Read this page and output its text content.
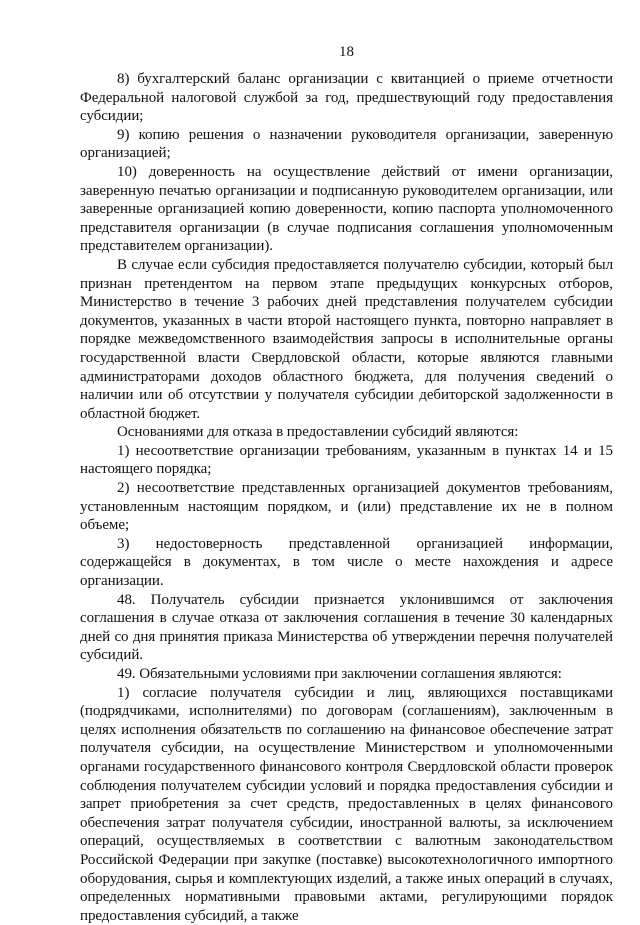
18

8) бухгалтерский баланс организации с квитанцией о приеме отчетности Федеральной налоговой службой за год, предшествующий году предоставления субсидии;

9) копию решения о назначении руководителя организации, заверенную организацией;

10) доверенность на осуществление действий от имени организации, заверенную печатью организации и подписанную руководителем организации, или заверенные организацией копию доверенности, копию паспорта уполномоченного представителя организации (в случае подписания соглашения уполномоченным представителем организации).

В случае если субсидия предоставляется получателю субсидии, который был признан претендентом на первом этапе предыдущих конкурсных отборов, Министерство в течение 3 рабочих дней представления получателем субсидии документов, указанных в части второй настоящего пункта, повторно направляет в порядке межведомственного взаимодействия запросы в исполнительные органы государственной власти Свердловской области, которые являются главными администраторами доходов областного бюджета, для получения сведений о наличии или об отсутствии у получателя субсидии дебиторской задолженности в областной бюджет.

Основаниями для отказа в предоставлении субсидий являются:

1) несоответствие организации требованиям, указанным в пунктах 14 и 15 настоящего порядка;

2) несоответствие представленных организацией документов требованиям, установленным настоящим порядком, и (или) представление их не в полном объеме;

3) недостоверность представленной организацией информации, содержащейся в документах, в том числе о месте нахождения и адресе организации.

48. Получатель субсидии признается уклонившимся от заключения соглашения в случае отказа от заключения соглашения в течение 30 календарных дней со дня принятия приказа Министерства об утверждении перечня получателей субсидий.

49. Обязательными условиями при заключении соглашения являются:

1) согласие получателя субсидии и лиц, являющихся поставщиками (подрядчиками, исполнителями) по договорам (соглашениям), заключенным в целях исполнения обязательств по соглашению на финансовое обеспечение затрат получателя субсидии, на осуществление Министерством и уполномоченными органами государственного финансового контроля Свердловской области проверок соблюдения получателем субсидии условий и порядка предоставления субсидии и запрет приобретения за счет средств, предоставленных в целях финансового обеспечения затрат получателя субсидии, иностранной валюты, за исключением операций, осуществляемых в соответствии с валютным законодательством Российской Федерации при закупке (поставке) высокотехнологичного импортного оборудования, сырья и комплектующих изделий, а также иных операций в случаях, определенных нормативными правовыми актами, регулирующими порядок предоставления субсидий, а также
